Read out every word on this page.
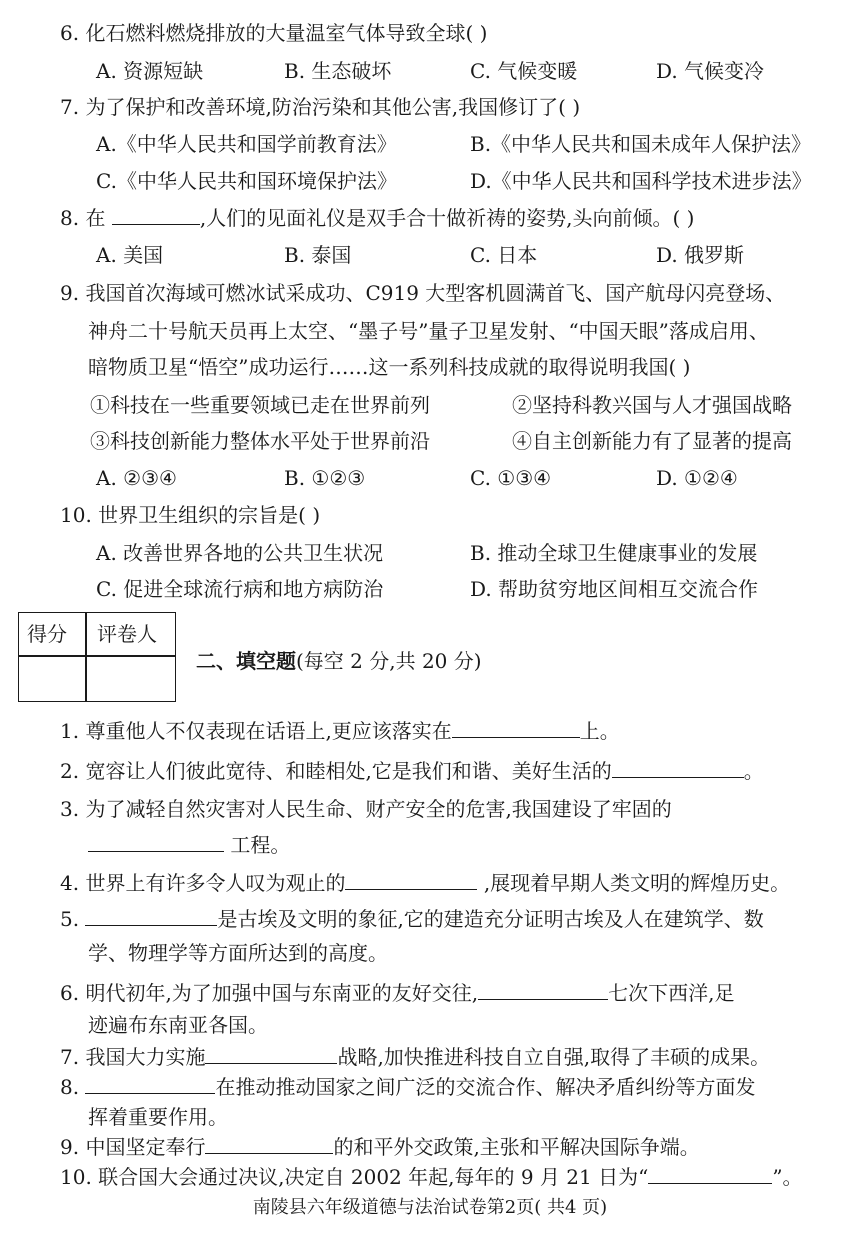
6. 化石燃料燃烧排放的大量温室气体导致全球( )
A. 资源短缺	B. 生态破坏	C. 气候变暖	D. 气候变冷
7. 为了保护和改善环境,防治污染和其他公害,我国修订了( )
A.《中华人民共和国学前教育法》	B.《中华人民共和国未成年人保护法》
C.《中华人民共和国环境保护法》	D.《中华人民共和国科学技术进步法》
8. 在	,人们的见面礼仪是双手合十做祈祷的姿势,头向前倾。( )
A. 美国	B. 泰国	C. 日本	D. 俄罗斯
9. 我国首次海域可燃冰试采成功、C919 大型客机圆满首飞、国产航母闪亮登场、
神舟二十号航天员再上太空、“墨子号”量子卫星发射、“中国天眼”落成启用、
暗物质卫星“悟空”成功运行……这一系列科技成就的取得说明我国( )
①科技在一些重要领域已走在世界前列	②坚持科教兴国与人才强国战略
③科技创新能力整体水平处于世界前沿	④自主创新能力有了显著的提高
A. ②③④	B. ①②③	C. ①③④	D. ①②④
10. 世界卫生组织的宗旨是( )
A. 改善世界各地的公共卫生状况	B. 推动全球卫生健康事业的发展
C. 促进全球流行病和地方病防治	D. 帮助贫穷地区间相互交流合作
得分 评卷人
二、填空题(每空 2 分,共 20 分)
1. 尊重他人不仅表现在话语上,更应该落实在	上。
2. 宽容让人们彼此宽待、和睦相处,它是我们和谐、美好生活的	。
3. 为了减轻自然灾害对人民生命、财产安全的危害,我国建设了牢固的
工程。
4. 世界上有许多令人叹为观止的	,展现着早期人类文明的辉煌历史。
5.	是古埃及文明的象征,它的建造充分证明古埃及人在建筑学、数
学、物理学等方面所达到的高度。
6. 明代初年,为了加强中国与东南亚的友好交往,	七次下西洋,足
迹遍布东南亚各国。
7. 我国大力实施	战略,加快推进科技自立自强,取得了丰硕的成果。
8.	在推动推动国家之间广泛的交流合作、解决矛盾纠纷等方面发
挥着重要作用。
9. 中国坚定奉行	的和平外交政策,主张和平解决国际争端。
10. 联合国大会通过决议,决定自 2002 年起,每年的 9 月 21 日为“	”。
南陵县六年级道德与法治试卷第2页( 共4 页)
